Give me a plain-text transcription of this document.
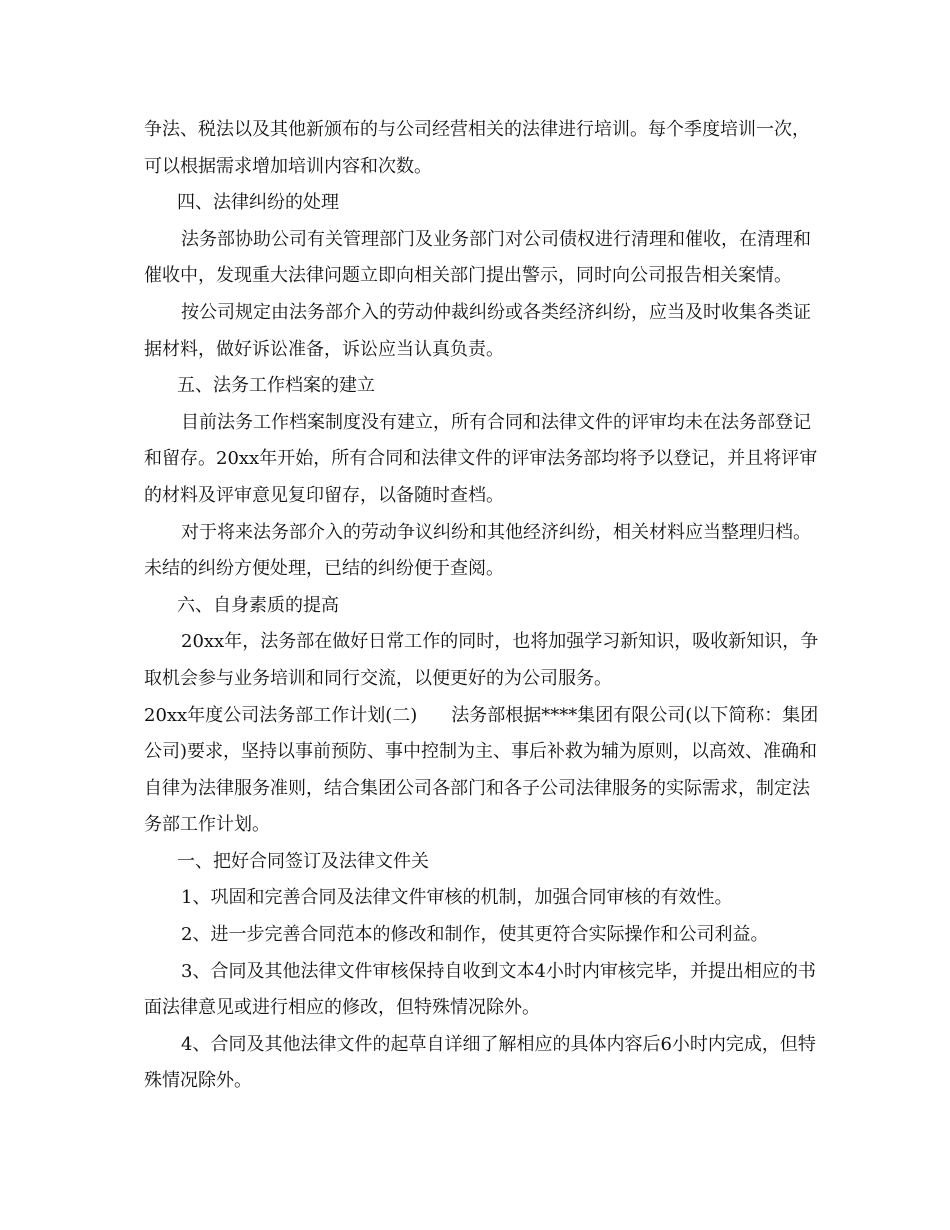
争法、税法以及其他新颁布的与公司经营相关的法律进行培训。每个季度培训一次，可以根据需求增加培训内容和次数。

四、法律纠纷的处理

法务部协助公司有关管理部门及业务部门对公司债权进行清理和催收，在清理和催收中，发现重大法律问题立即向相关部门提出警示，同时向公司报告相关案情。

按公司规定由法务部介入的劳动仲裁纠纷或各类经济纠纷，应当及时收集各类证据材料，做好诉讼准备，诉讼应当认真负责。

五、法务工作档案的建立

目前法务工作档案制度没有建立，所有合同和法律文件的评审均未在法务部登记和留存。20xx年开始，所有合同和法律文件的评审法务部均将予以登记，并且将评审的材料及评审意见复印留存，以备随时查档。

对于将来法务部介入的劳动争议纠纷和其他经济纠纷，相关材料应当整理归档。未结的纠纷方便处理，已结的纠纷便于查阅。

六、自身素质的提高

20xx年，法务部在做好日常工作的同时，也将加强学习新知识，吸收新知识，争取机会参与业务培训和同行交流，以便更好的为公司服务。

20xx年度公司法务部工作计划(二) 法务部根据****集团有限公司(以下简称：集团公司)要求，坚持以事前预防、事中控制为主、事后补救为辅为原则，以高效、准确和自律为法律服务准则，结合集团公司各部门和各子公司法律服务的实际需求，制定法务部工作计划。

一、把好合同签订及法律文件关

1、巩固和完善合同及法律文件审核的机制，加强合同审核的有效性。

2、进一步完善合同范本的修改和制作，使其更符合实际操作和公司利益。

3、合同及其他法律文件审核保持自收到文本4小时内审核完毕，并提出相应的书面法律意见或进行相应的修改，但特殊情况除外。

4、合同及其他法律文件的起草自详细了解相应的具体内容后6小时内完成，但特殊情况除外。
